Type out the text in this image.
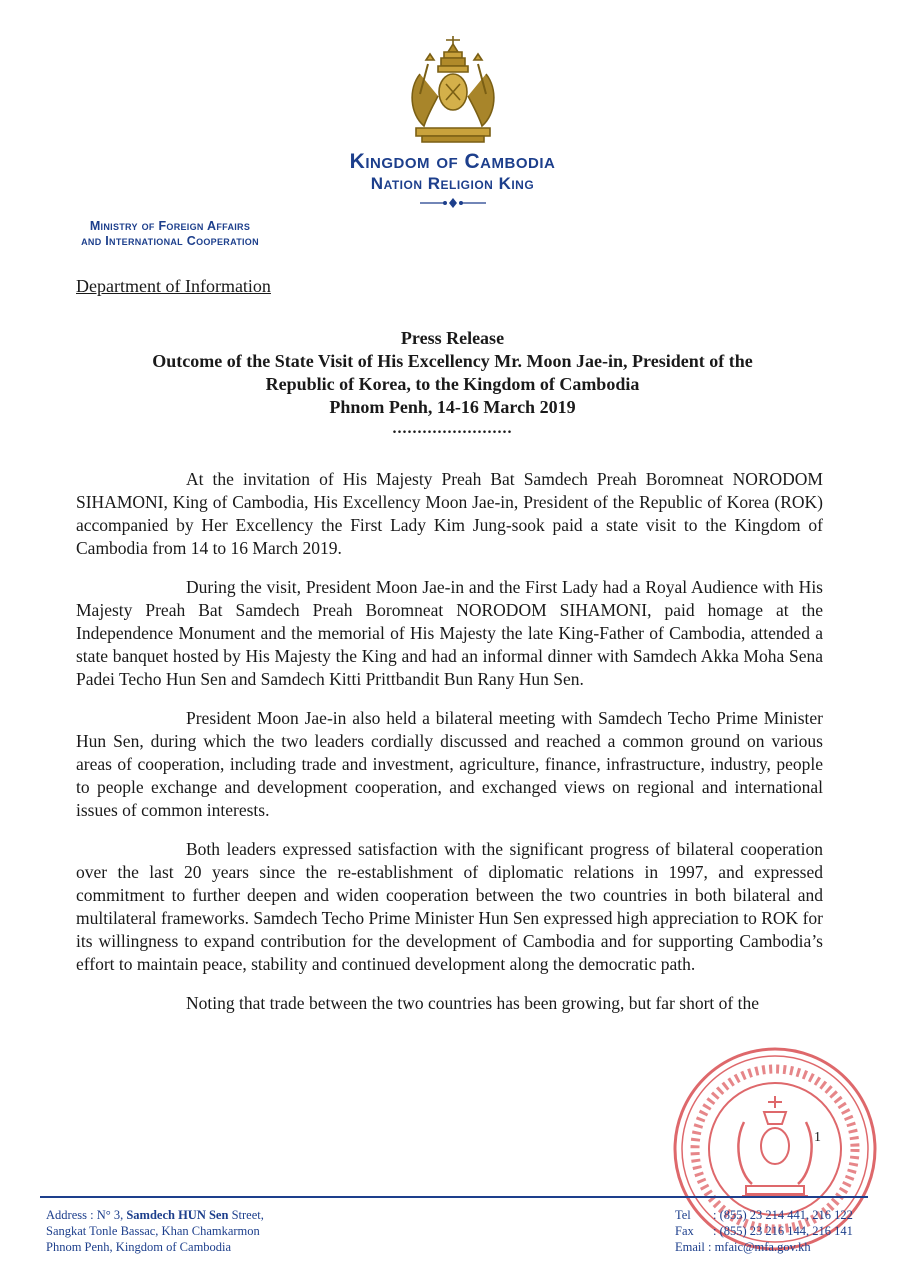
Kingdom of Cambodia
Nation Religion King
Ministry of Foreign Affairs
and International Cooperation
Department of Information
Press Release
Outcome of the State Visit of His Excellency Mr. Moon Jae-in, President of the
Republic of Korea, to the Kingdom of Cambodia
Phnom Penh, 14-16 March 2019
........................

At the invitation of His Majesty Preah Bat Samdech Preah Boromneat NORODOM SIHAMONI, King of Cambodia, His Excellency Moon Jae-in, President of the Republic of Korea (ROK) accompanied by Her Excellency the First Lady Kim Jung-sook paid a state visit to the Kingdom of Cambodia from 14 to 16 March 2019.

During the visit, President Moon Jae-in and the First Lady had a Royal Audience with His Majesty Preah Bat Samdech Preah Boromneat NORODOM SIHAMONI, paid homage at the Independence Monument and the memorial of His Majesty the late King-Father of Cambodia, attended a state banquet hosted by His Majesty the King and had an informal dinner with Samdech Akka Moha Sena Padei Techo Hun Sen and Samdech Kitti Prittbandit Bun Rany Hun Sen.

President Moon Jae-in also held a bilateral meeting with Samdech Techo Prime Minister Hun Sen, during which the two leaders cordially discussed and reached a common ground on various areas of cooperation, including trade and investment, agriculture, finance, infrastructure, industry, people to people exchange and development cooperation, and exchanged views on regional and international issues of common interests.

Both leaders expressed satisfaction with the significant progress of bilateral cooperation over the last 20 years since the re-establishment of diplomatic relations in 1997, and expressed commitment to further deepen and widen cooperation between the two countries in both bilateral and multilateral frameworks. Samdech Techo Prime Minister Hun Sen expressed high appreciation to ROK for its willingness to expand contribution for the development of Cambodia and for supporting Cambodia’s effort to maintain peace, stability and continued development along the democratic path.

Noting that trade between the two countries has been growing, but far short of the

1
Address : N° 3, Samdech HUN Sen Street,
Sangkat Tonle Bassac, Khan Chamkarmon
Phnom Penh, Kingdom of Cambodia
Tel : (855) 23 214 441, 216 122
Fax : (855) 23 216 144, 216 141
Email : mfaic@mfa.gov.kh
